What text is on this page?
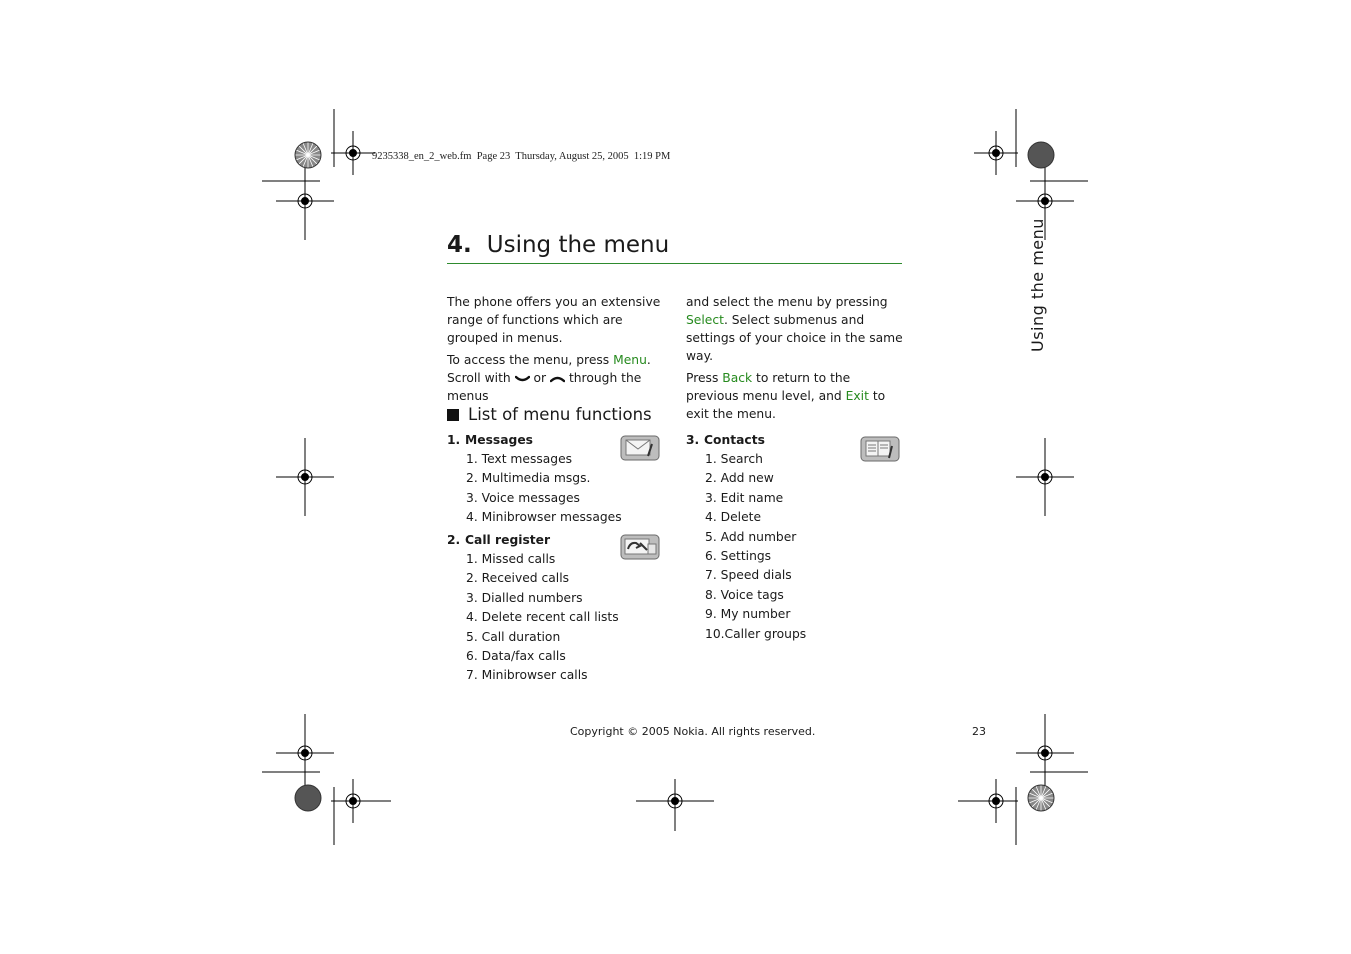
9235338_en_2_web.fm  Page 23  Thursday, August 25, 2005  1:19 PM
4. Using the menu	Using the menu

The phone offers you an extensive range of functions which are grouped in menus.

To access the menu, press Menu. Scroll with  or  through the menus

and select the menu by pressing Select. Select submenus and settings of your choice in the same way.

Press Back to return to the previous menu level, and Exit to exit the menu.

List of menu functions
1. Messages
1. Text messages
2. Multimedia msgs.
3. Voice messages
4. Minibrowser messages
2. Call register
1. Missed calls
2. Received calls
3. Dialled numbers
4. Delete recent call lists
5. Call duration
6. Data/fax calls
7. Minibrowser calls
3. Contacts
1. Search
2. Add new
3. Edit name
4. Delete
5. Add number
6. Settings
7. Speed dials
8. Voice tags
9. My number
10.Caller groups
Copyright © 2005 Nokia. All rights reserved.	23
